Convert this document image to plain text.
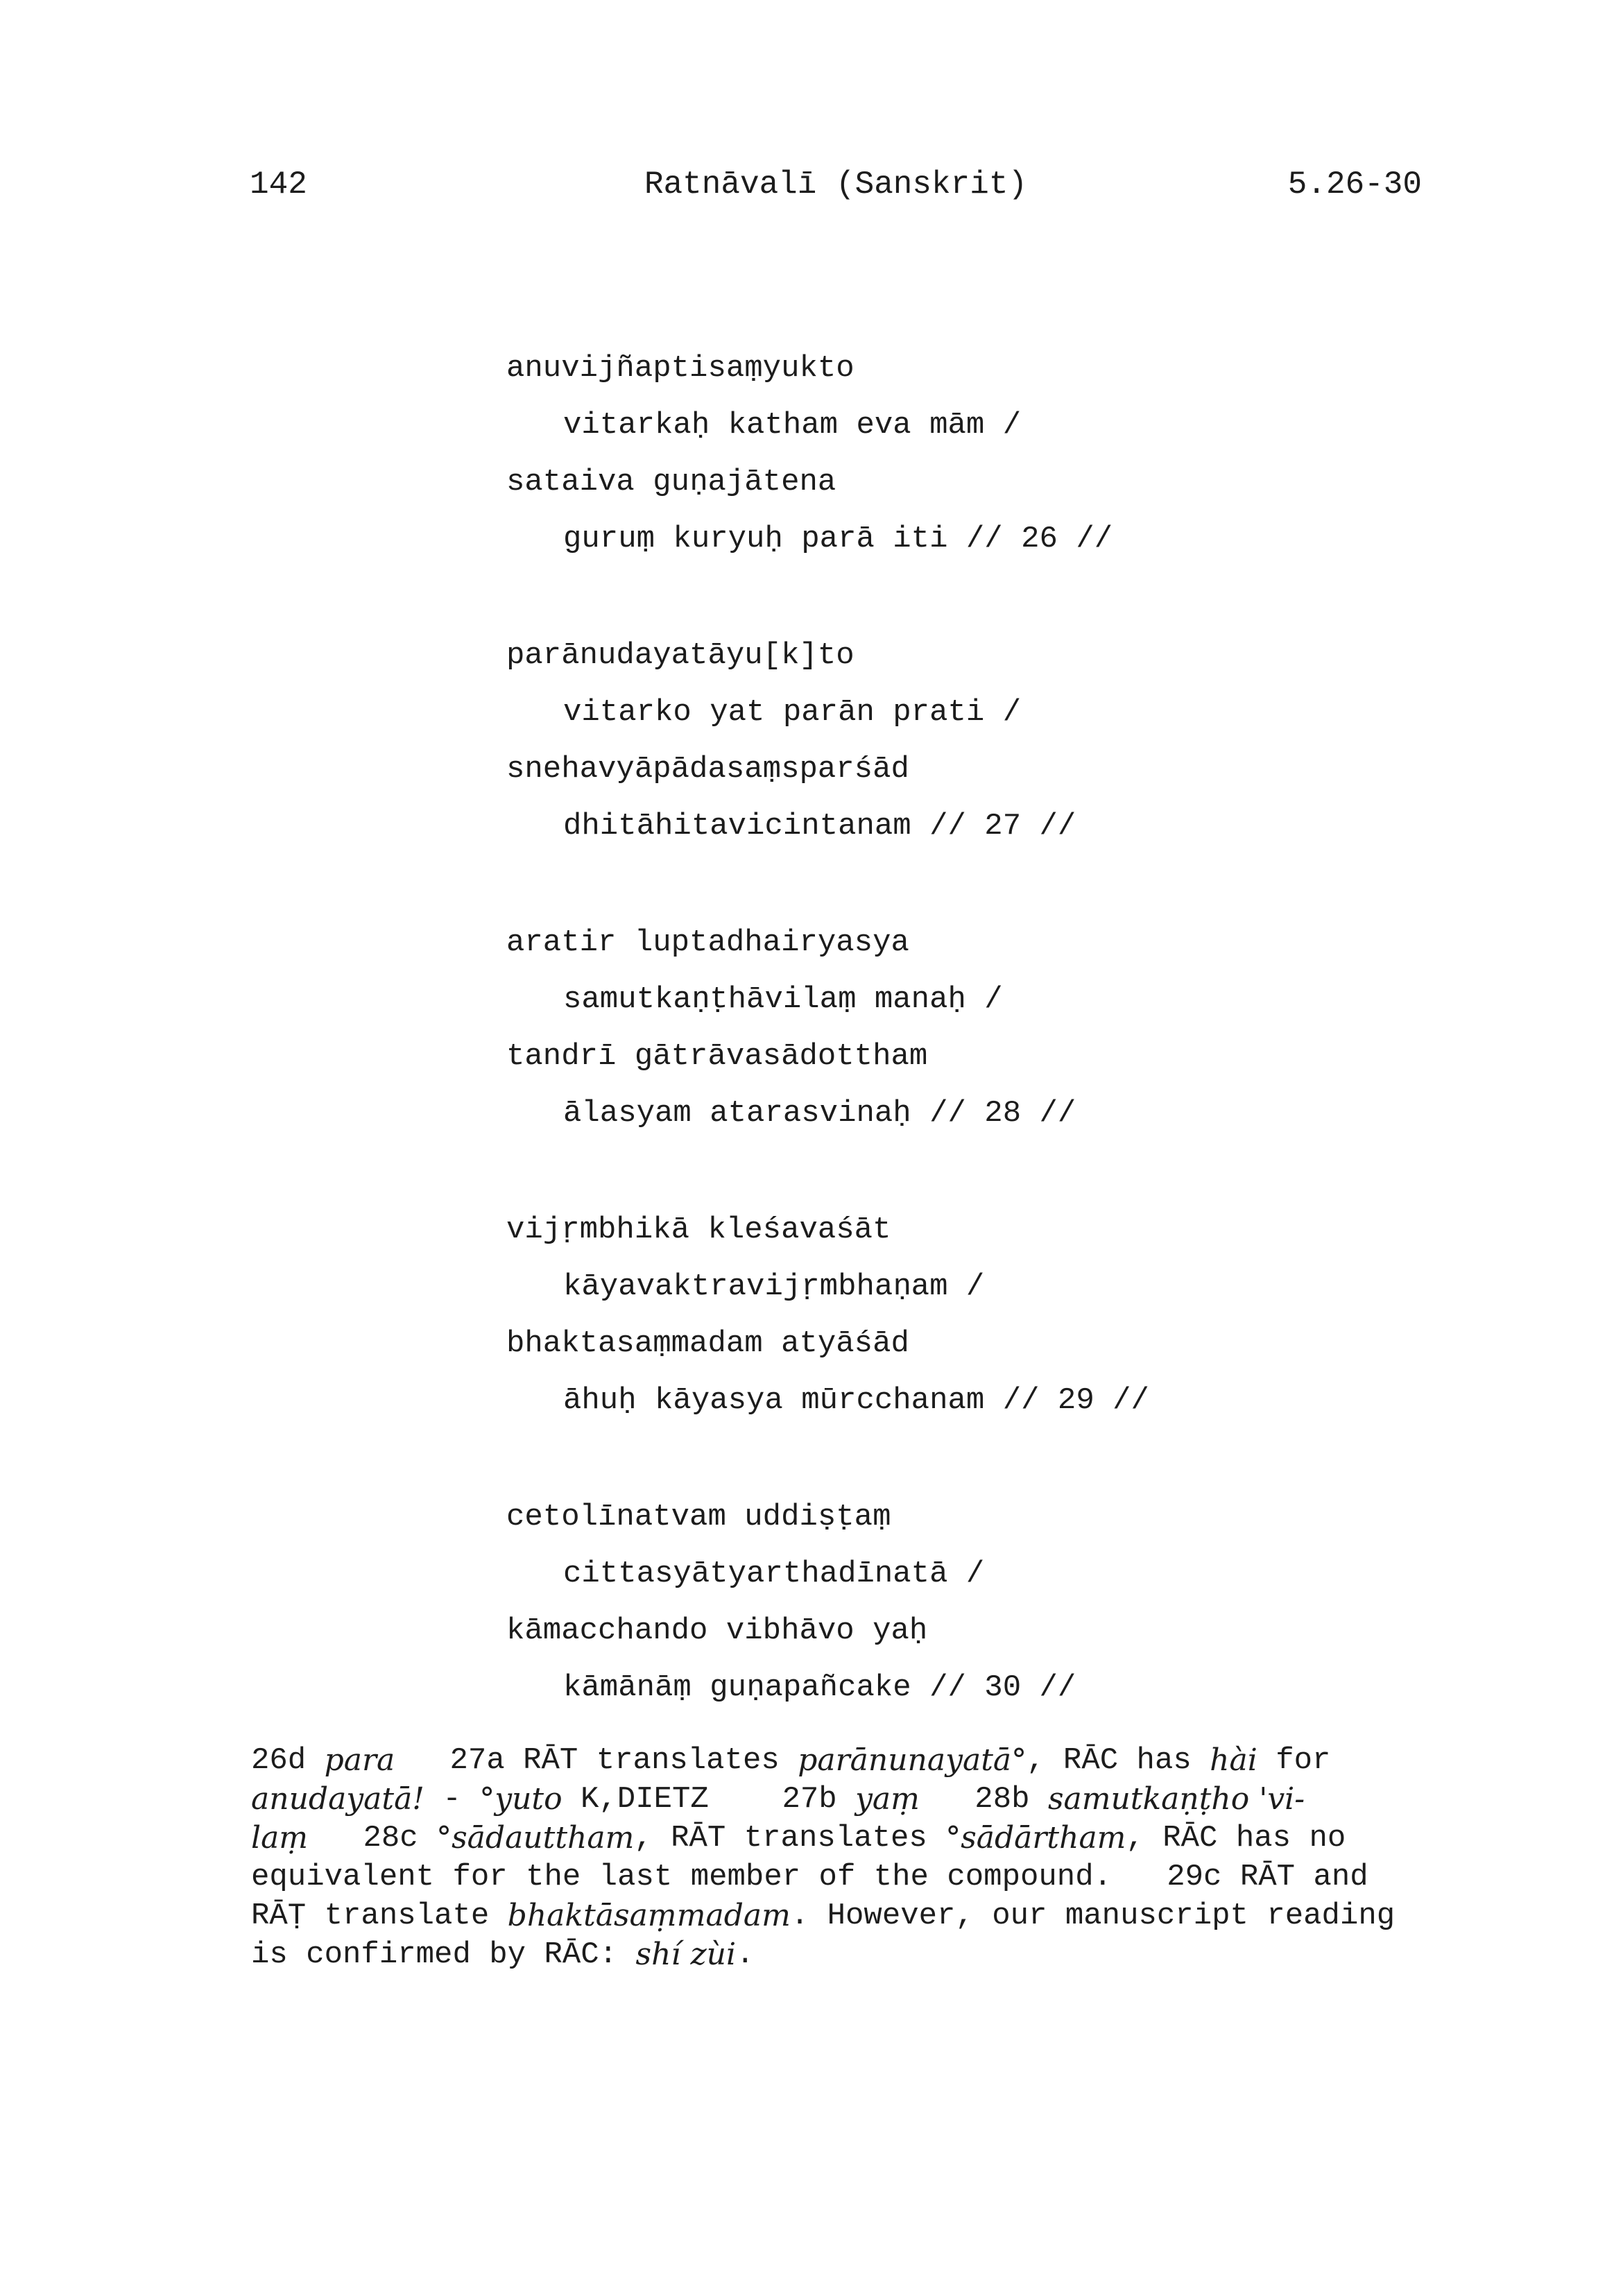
142	Ratnāvalī (Sanskrit)	5.26-30
anuvijñaptisaṃyukto
vitarkaḥ katham eva mām /
sataiva guṇajātena
guruṃ kuryuḥ parā iti // 26 //
parānudayatāyu[k]to
vitarko yat parān prati /
snehavyāpādasaṃsparśād
dhitāhitavicintanam // 27 //
aratir luptadhairyasya
samutkaṇṭhāvilaṃ manaḥ /
tandrī gātrāvasādottham
ālasyam atarasvinaḥ // 28 //
vijṛmbhikā kleśavaśāt
kāyavaktravijṛmbhaṇam /
bhaktasaṃmadam atyāśād
āhuḥ kāyasya mūrcchanam // 29 //
cetolīnatvam uddiṣṭaṃ
cittasyātyarthadīnatā /
kāmacchando vibhāvo yaḥ
kāmānāṃ guṇapañcake // 30 //
26d para 27a RĀT translates parānunayatā° , RĀC has hài for
anudayatā! - °yuto K,DIETZ    27b yaṃ 28b samutkaṇṭho 'vi-
laṃ 28c °sādauttham , RĀT translates °sādārtham , RĀC has no
equivalent for the last member of the compound.   29c RĀT and
RĀṬ translate bhaktāsaṃmadam . However, our manuscript reading
is confirmed by RĀC: shí zùi .
